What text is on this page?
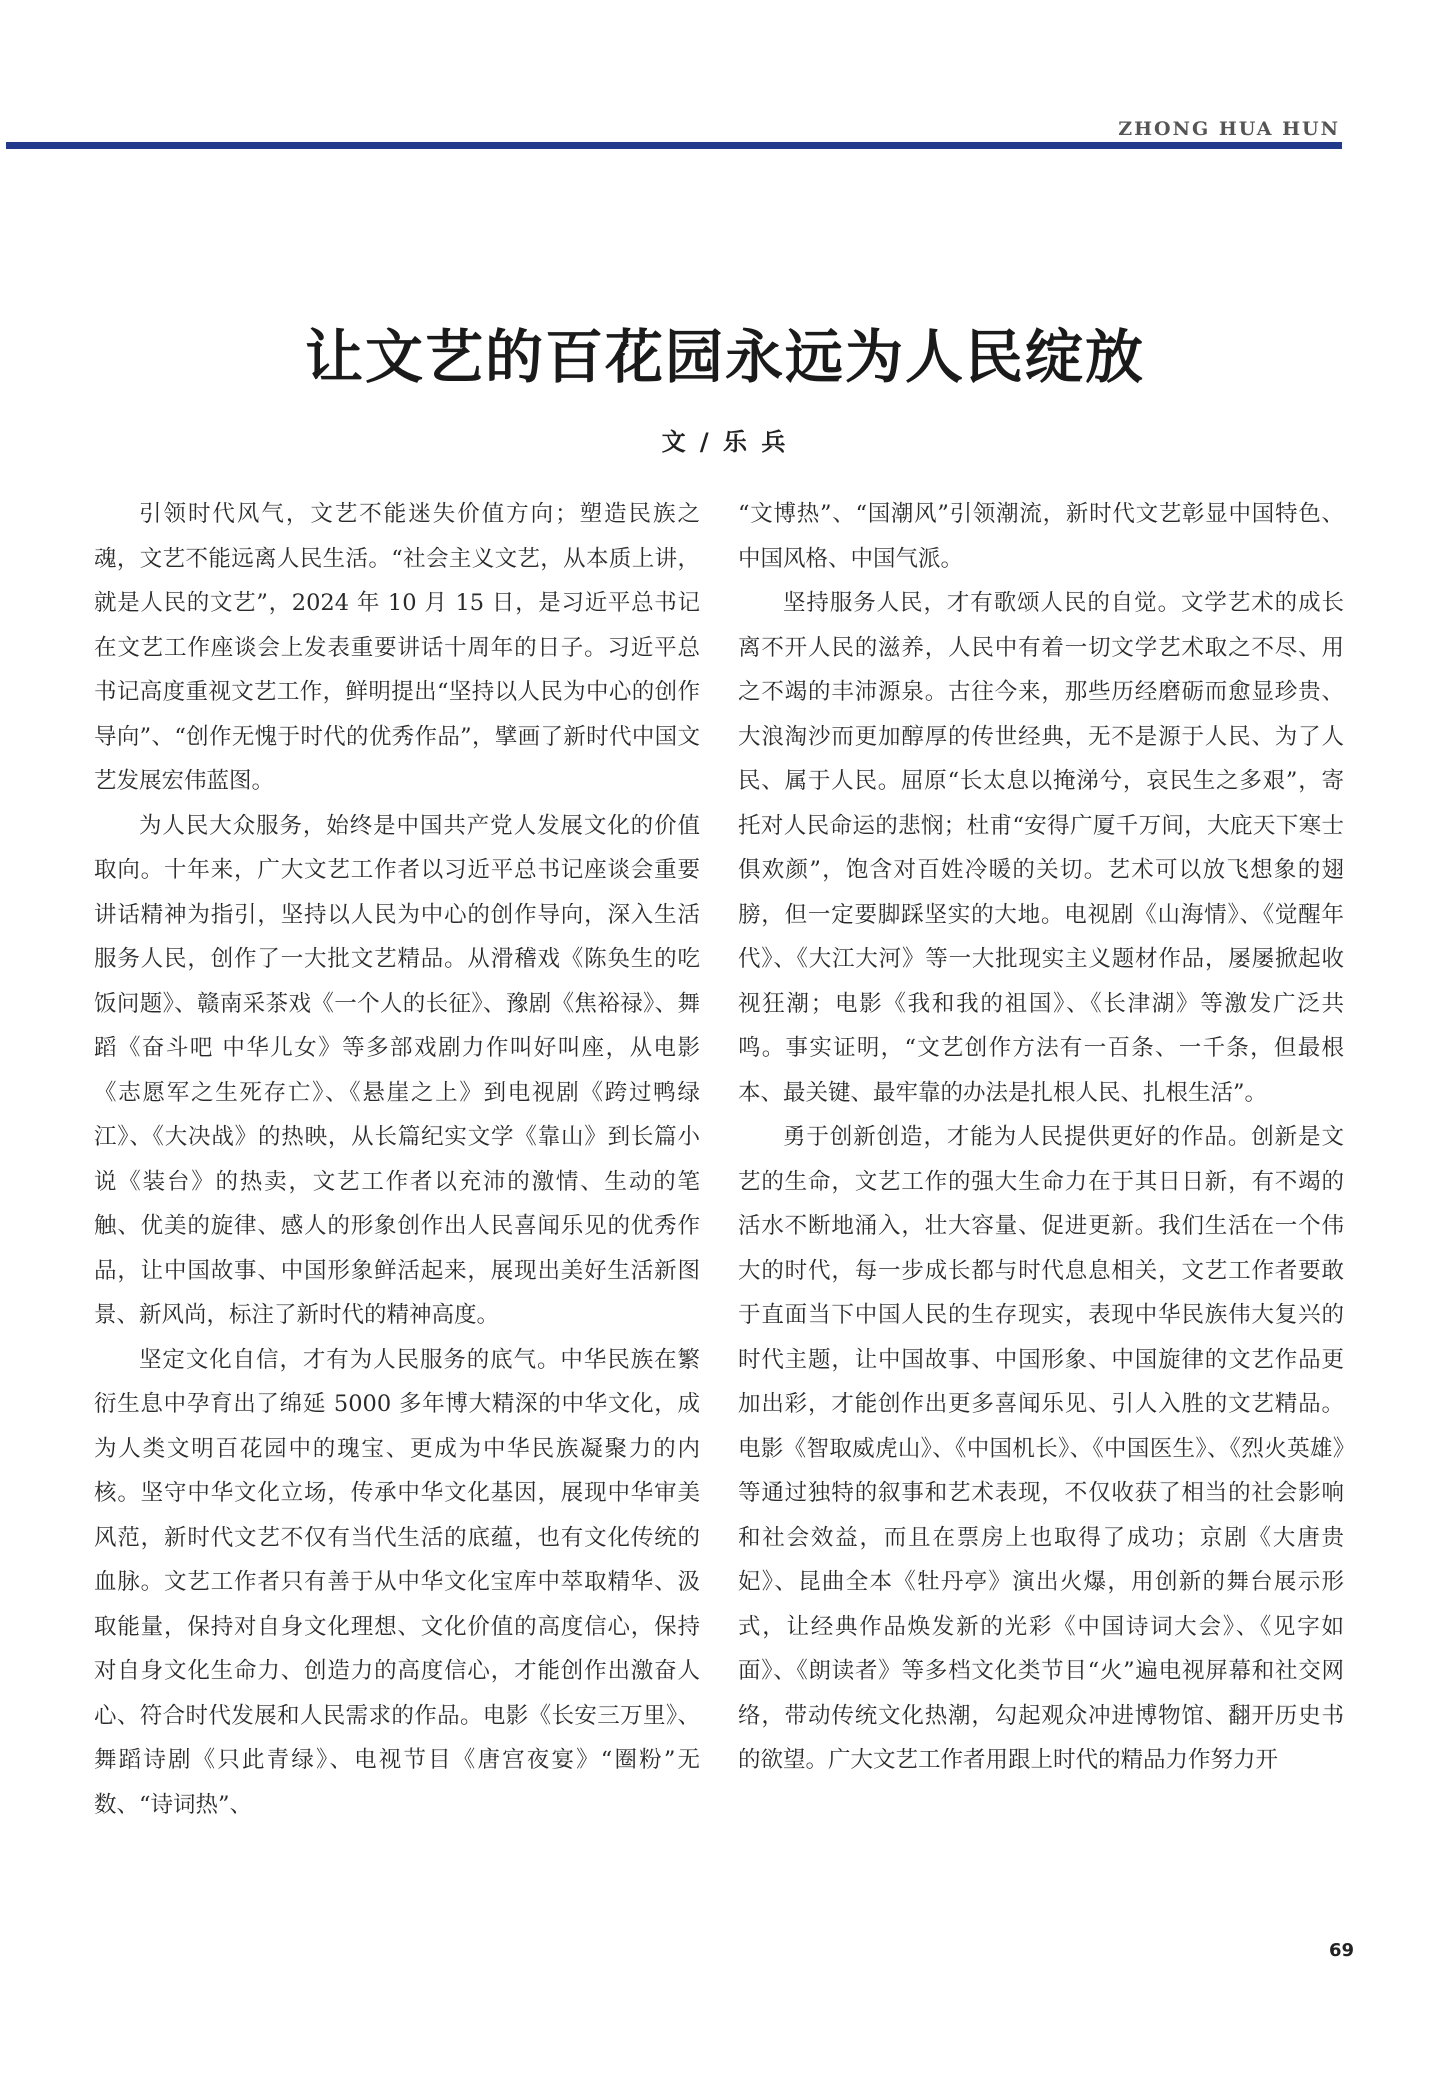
ZHONG HUA HUN
让文艺的百花园永远为人民绽放
文 / 乐 兵

引领时代风气，文艺不能迷失价值方向；塑造民族之魂，文艺不能远离人民生活。“社会主义文艺，从本质上讲，就是人民的文艺”，2024 年 10 月 15 日，是习近平总书记在文艺工作座谈会上发表重要讲话十周年的日子。习近平总书记高度重视文艺工作，鲜明提出“坚持以人民为中心的创作导向”、“创作无愧于时代的优秀作品”，擘画了新时代中国文艺发展宏伟蓝图。

为人民大众服务，始终是中国共产党人发展文化的价值取向。十年来，广大文艺工作者以习近平总书记座谈会重要讲话精神为指引，坚持以人民为中心的创作导向，深入生活服务人民，创作了一大批文艺精品。从滑稽戏《陈奂生的吃饭问题》、赣南采茶戏《一个人的长征》、豫剧《焦裕禄》、舞蹈《奋斗吧 中华儿女》等多部戏剧力作叫好叫座，从电影《志愿军之生死存亡》、《悬崖之上》到电视剧《跨过鸭绿江》、《大决战》的热映，从长篇纪实文学《靠山》到长篇小说《装台》的热卖，文艺工作者以充沛的激情、生动的笔触、优美的旋律、感人的形象创作出人民喜闻乐见的优秀作品，让中国故事、中国形象鲜活起来，展现出美好生活新图景、新风尚，标注了新时代的精神高度。

坚定文化自信，才有为人民服务的底气。中华民族在繁衍生息中孕育出了绵延 5000 多年博大精深的中华文化，成为人类文明百花园中的瑰宝、更成为中华民族凝聚力的内核。坚守中华文化立场，传承中华文化基因，展现中华审美风范，新时代文艺不仅有当代生活的底蕴，也有文化传统的血脉。文艺工作者只有善于从中华文化宝库中萃取精华、汲取能量，保持对自身文化理想、文化价值的高度信心，保持对自身文化生命力、创造力的高度信心，才能创作出激奋人心、符合时代发展和人民需求的作品。电影《长安三万里》、舞蹈诗剧《只此青绿》、电视节目《唐宫夜宴》“圈粉”无数、“诗词热”、

“文博热”、“国潮风”引领潮流，新时代文艺彰显中国特色、中国风格、中国气派。

坚持服务人民，才有歌颂人民的自觉。文学艺术的成长离不开人民的滋养，人民中有着一切文学艺术取之不尽、用之不竭的丰沛源泉。古往今来，那些历经磨砺而愈显珍贵、大浪淘沙而更加醇厚的传世经典，无不是源于人民、为了人民、属于人民。屈原“长太息以掩涕兮，哀民生之多艰”，寄托对人民命运的悲悯；杜甫“安得广厦千万间，大庇天下寒士俱欢颜”，饱含对百姓冷暖的关切。艺术可以放飞想象的翅膀，但一定要脚踩坚实的大地。电视剧《山海情》、《觉醒年代》、《大江大河》等一大批现实主义题材作品，屡屡掀起收视狂潮；电影《我和我的祖国》、《长津湖》等激发广泛共鸣。事实证明，“文艺创作方法有一百条、一千条，但最根本、最关键、最牢靠的办法是扎根人民、扎根生活”。

勇于创新创造，才能为人民提供更好的作品。创新是文艺的生命，文艺工作的强大生命力在于其日日新，有不竭的活水不断地涌入，壮大容量、促进更新。我们生活在一个伟大的时代，每一步成长都与时代息息相关，文艺工作者要敢于直面当下中国人民的生存现实，表现中华民族伟大复兴的时代主题，让中国故事、中国形象、中国旋律的文艺作品更加出彩，才能创作出更多喜闻乐见、引人入胜的文艺精品。电影《智取威虎山》、《中国机长》、《中国医生》、《烈火英雄》等通过独特的叙事和艺术表现，不仅收获了相当的社会影响和社会效益，而且在票房上也取得了成功；京剧《大唐贵妃》、昆曲全本《牡丹亭》演出火爆，用创新的舞台展示形式，让经典作品焕发新的光彩《中国诗词大会》、《见字如面》、《朗读者》等多档文化类节目“火”遍电视屏幕和社交网络，带动传统文化热潮，勾起观众冲进博物馆、翻开历史书的欲望。广大文艺工作者用跟上时代的精品力作努力开

69
